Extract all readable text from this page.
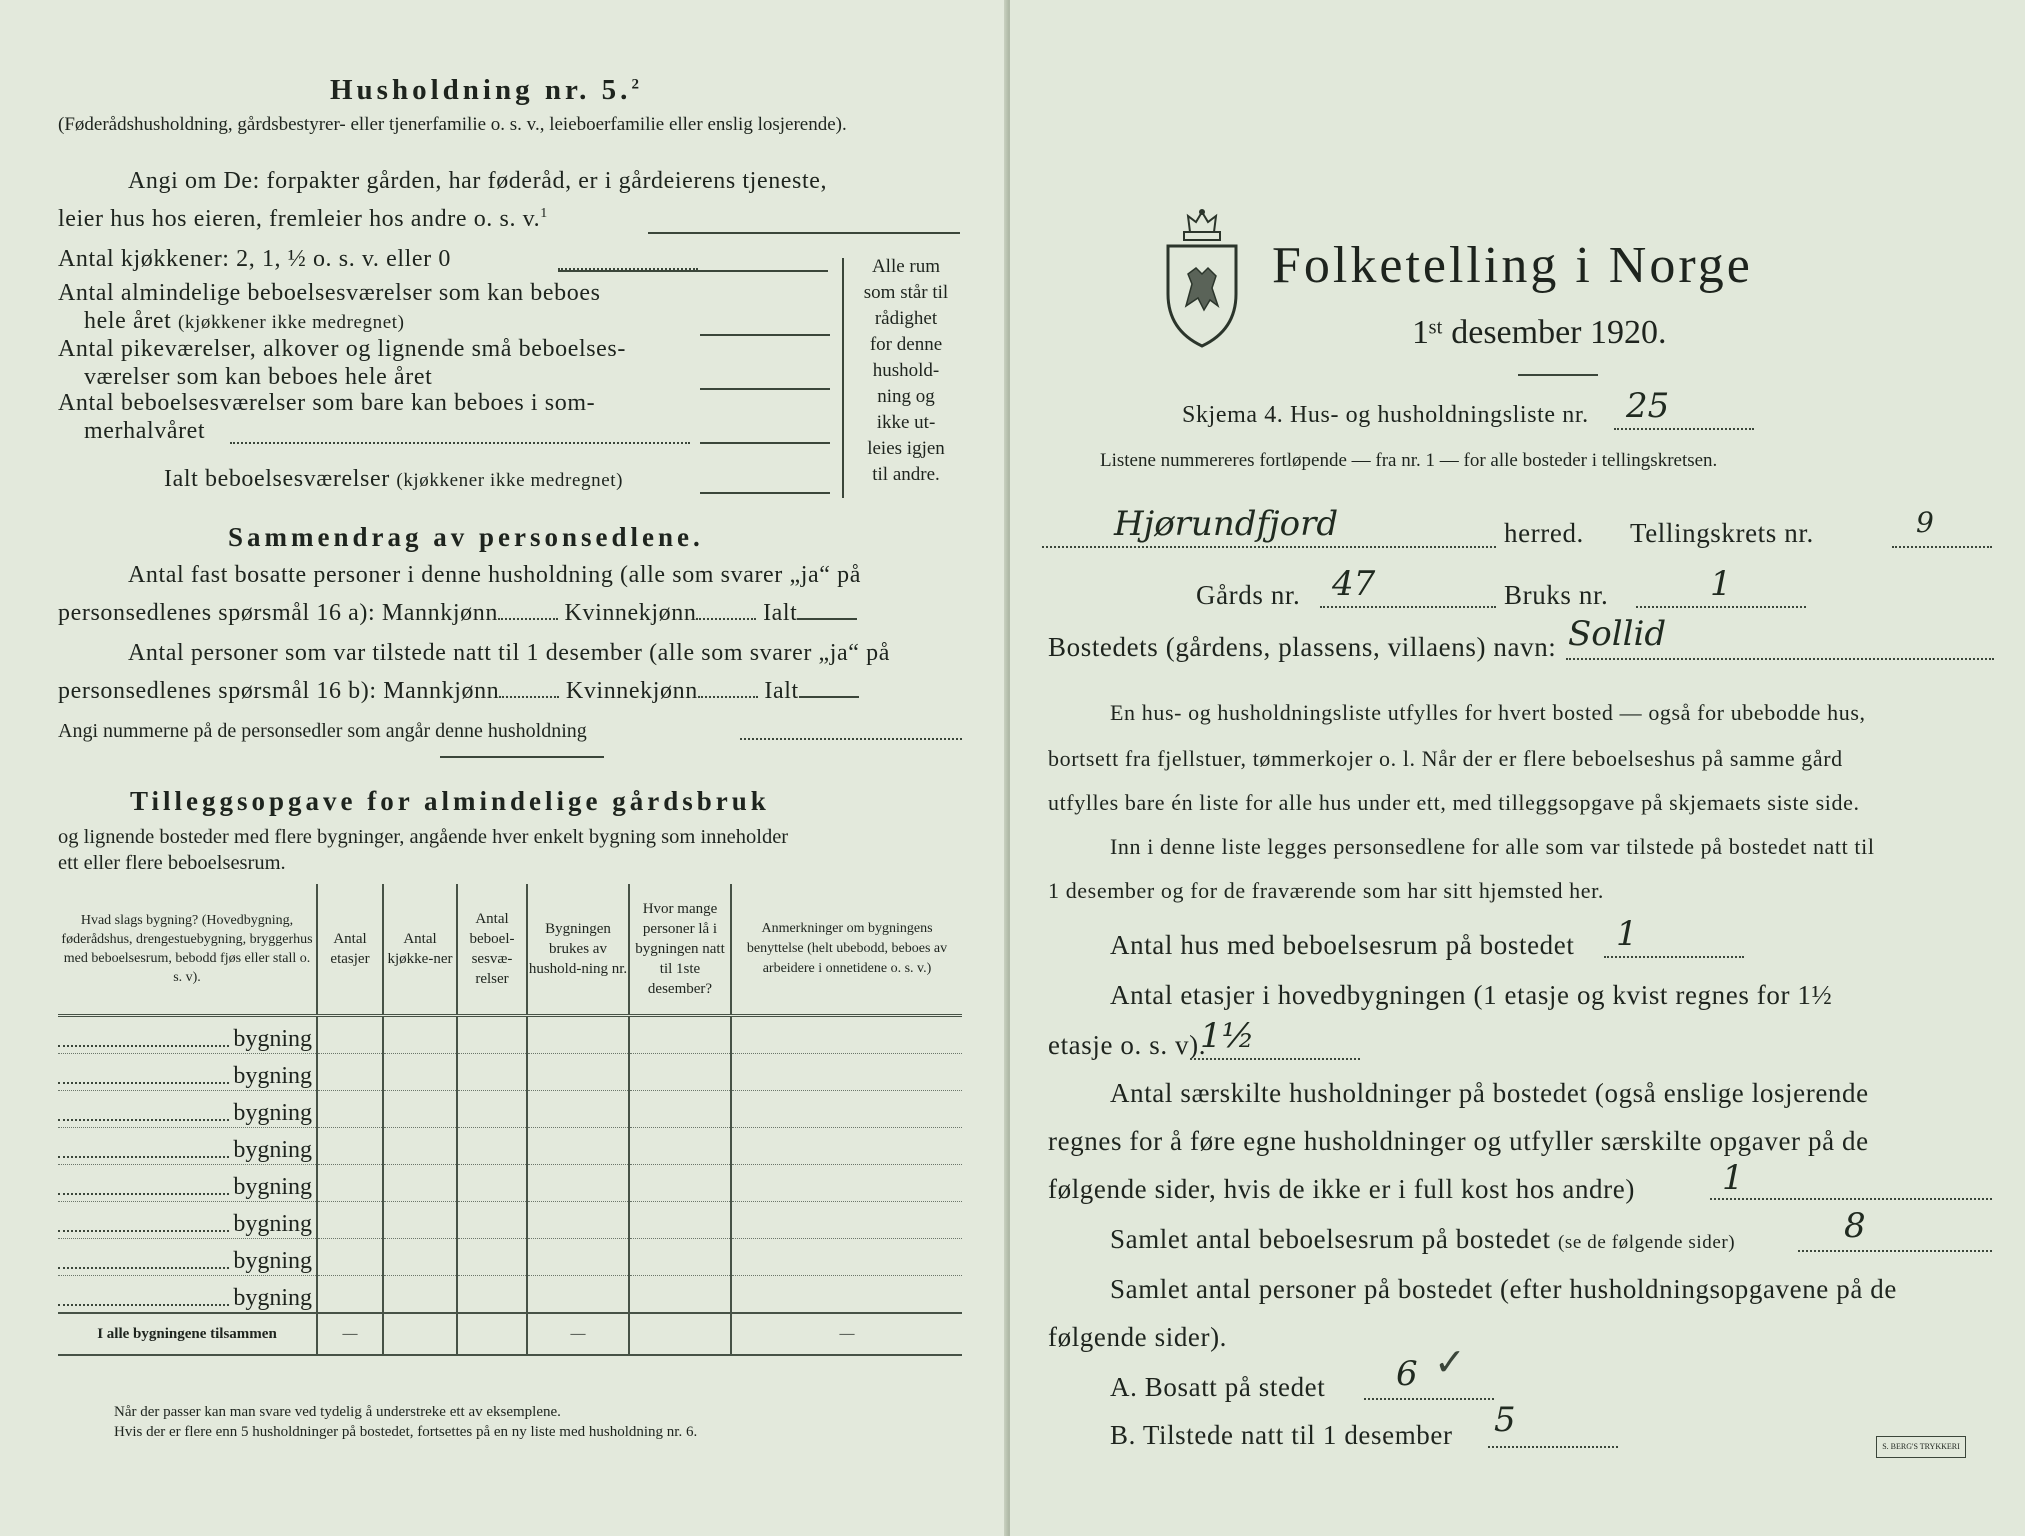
Husholdning nr. 5.$^2$
(Føderådshusholdning, gårdsbestyrer- eller tjenerfamilie o. s. v., leieboerfamilie eller enslig losjerende).
Angi om De: forpakter gården, har føderåd, er i gårdeierens tjeneste,
leier hus hos eieren, fremleier hos andre o. s. v.$^1$
Antal kjøkkener: 2, 1, ½ o. s. v. eller 0
Antal almindelige beboelsesværelser som kan beboes
hele året (kjøkkener ikke medregnet)
Antal pikeværelser, alkover og lignende små beboelses-
værelser som kan beboes hele året
Antal beboelsesværelser som bare kan beboes i som-
merhalvåret
Ialt beboelsesværelser (kjøkkener ikke medregnet)
Alle rum
som står til
rådighet
for denne
hushold-
ning og
ikke ut-
leies igjen
til andre.
Sammendrag av personsedlene.
Antal fast bosatte personer i denne husholdning (alle som svarer „ja“ på
personsedlenes spørsmål 16 a): Mannkjønn	Kvinnekjønn	Ialt
Antal personer som var tilstede natt til 1 desember (alle som svarer „ja“ på
personsedlenes spørsmål 16 b): Mannkjønn	Kvinnekjønn	Ialt
Angi nummerne på de personsedler som angår denne husholdning
Tilleggsopgave for almindelige gårdsbruk
og lignende bosteder med flere bygninger, angående hver enkelt bygning som inneholder
ett eller flere beboelsesrum.
Hvad slags bygning? (Hovedbygning, føderådshus, drengestuebygning, bryggerhus med beboelsesrum, bebodd fjøs eller stall o. s. v).	Antal etasjer	Antal kjøkke-ner	Antal beboel-sesvæ-relser	Bygningen brukes av hushold-ning nr.	Hvor mange personer lå i bygningen natt til 1ste desember?	Anmerkninger om bygningens benyttelse (helt ubebodd, beboes av arbeidere i onnetidene o. s. v.)

bygning						

bygning						

bygning						

bygning						

bygning						

bygning						

bygning						

bygning						

I alle bygningene tilsammen	—			—		—
Når der passer kan man svare ved tydelig å understreke ett av eksemplene.
Hvis der er flere enn 5 husholdninger på bostedet, fortsettes på en ny liste med husholdning nr. 6.
Folketelling i Norge
1ˢᵗ desember 1920.
Skjema 4. Hus- og husholdningsliste nr. 25
Listene nummereres fortløpende — fra nr. 1 — for alle bosteder i tellingskretsen.
Hjørundfjord	herred. Tellingskrets nr.	9
Gårds nr. 47	Bruks nr.	1
Bostedets (gårdens, plassens, villaens) navn: Sollid
En hus- og husholdningsliste utfylles for hvert bosted — også for ubebodde hus,
bortsett fra fjellstuer, tømmerkojer o. l. Når der er flere beboelseshus på samme gård
utfylles bare én liste for alle hus under ett, med tilleggsopgave på skjemaets siste side.
Inn i denne liste legges personsedlene for alle som var tilstede på bostedet natt til
1 desember og for de fraværende som har sitt hjemsted her.
Antal hus med beboelsesrum på bostedet 1
Antal etasjer i hovedbygningen (1 etasje og kvist regnes for 1½
etasje o. s. v).
1½
Antal særskilte husholdninger på bostedet (også enslige losjerende
regnes for å føre egne husholdninger og utfyller særskilte opgaver på de
følgende sider, hvis de ikke er i full kost hos andre)	1
Samlet antal beboelsesrum på bostedet (se de følgende sider)	8
Samlet antal personer på bostedet (efter husholdningsopgavene på de
følgende sider).
A. Bosatt på stedet 6 ✓
B. Tilstede natt til 1 desember 5
S. BERG'S TRYKKERI
